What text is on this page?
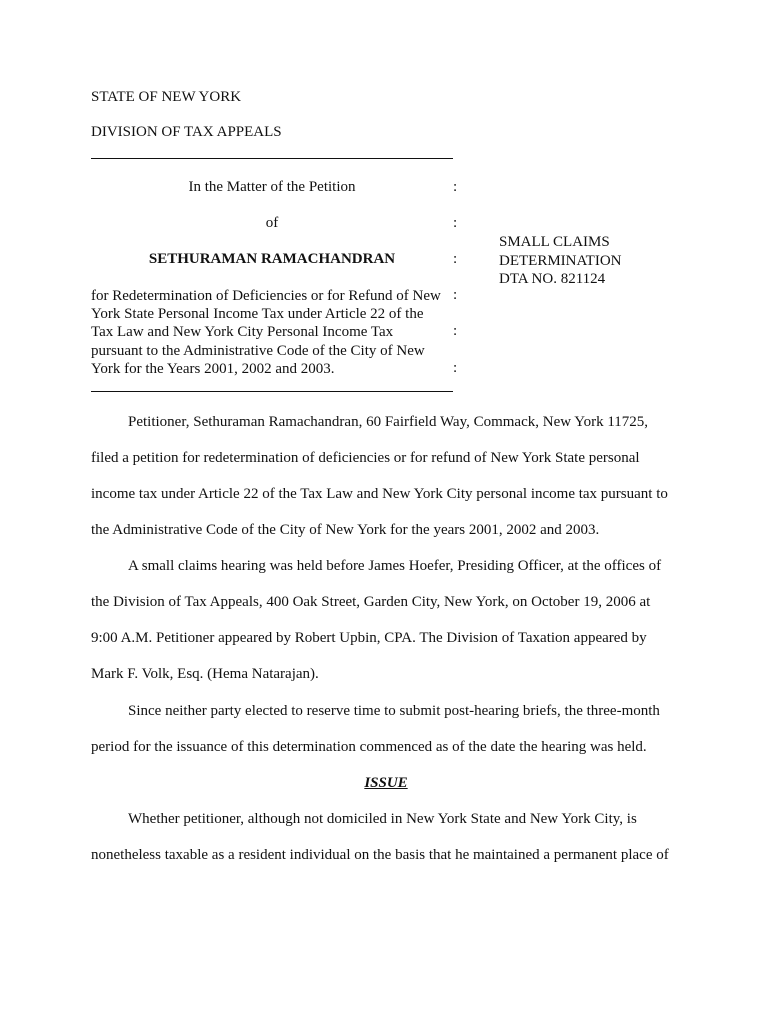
STATE OF NEW YORK
DIVISION OF TAX APPEALS
In the Matter of the Petition	:
of	:
SETHURAMAN RAMACHANDRAN	:
for Redetermination of Deficiencies or for Refund of New
York State Personal Income Tax under Article 22 of the
Tax Law and New York City Personal Income Tax
pursuant to the Administrative Code of the City of New
York for the Years 2001, 2002 and 2003.
:
:
:
SMALL CLAIMS
DETERMINATION
DTA NO. 821124
Petitioner, Sethuraman Ramachandran, 60 Fairfield Way, Commack, New York 11725,
filed a petition for redetermination of deficiencies or for refund of New York State personal
income tax under Article 22 of the Tax Law and New York City personal income tax pursuant to
the Administrative Code of the City of New York for the years 2001, 2002 and 2003.
A small claims hearing was held before James Hoefer, Presiding Officer, at the offices of
the Division of Tax Appeals, 400 Oak Street, Garden City, New York, on October 19, 2006 at
9:00 A.M. Petitioner appeared by Robert Upbin, CPA. The Division of Taxation appeared by
Mark F. Volk, Esq. (Hema Natarajan).
Since neither party elected to reserve time to submit post-hearing briefs, the three-month
period for the issuance of this determination commenced as of the date the hearing was held.
ISSUE
Whether petitioner, although not domiciled in New York State and New York City, is
nonetheless taxable as a resident individual on the basis that he maintained a permanent place of
